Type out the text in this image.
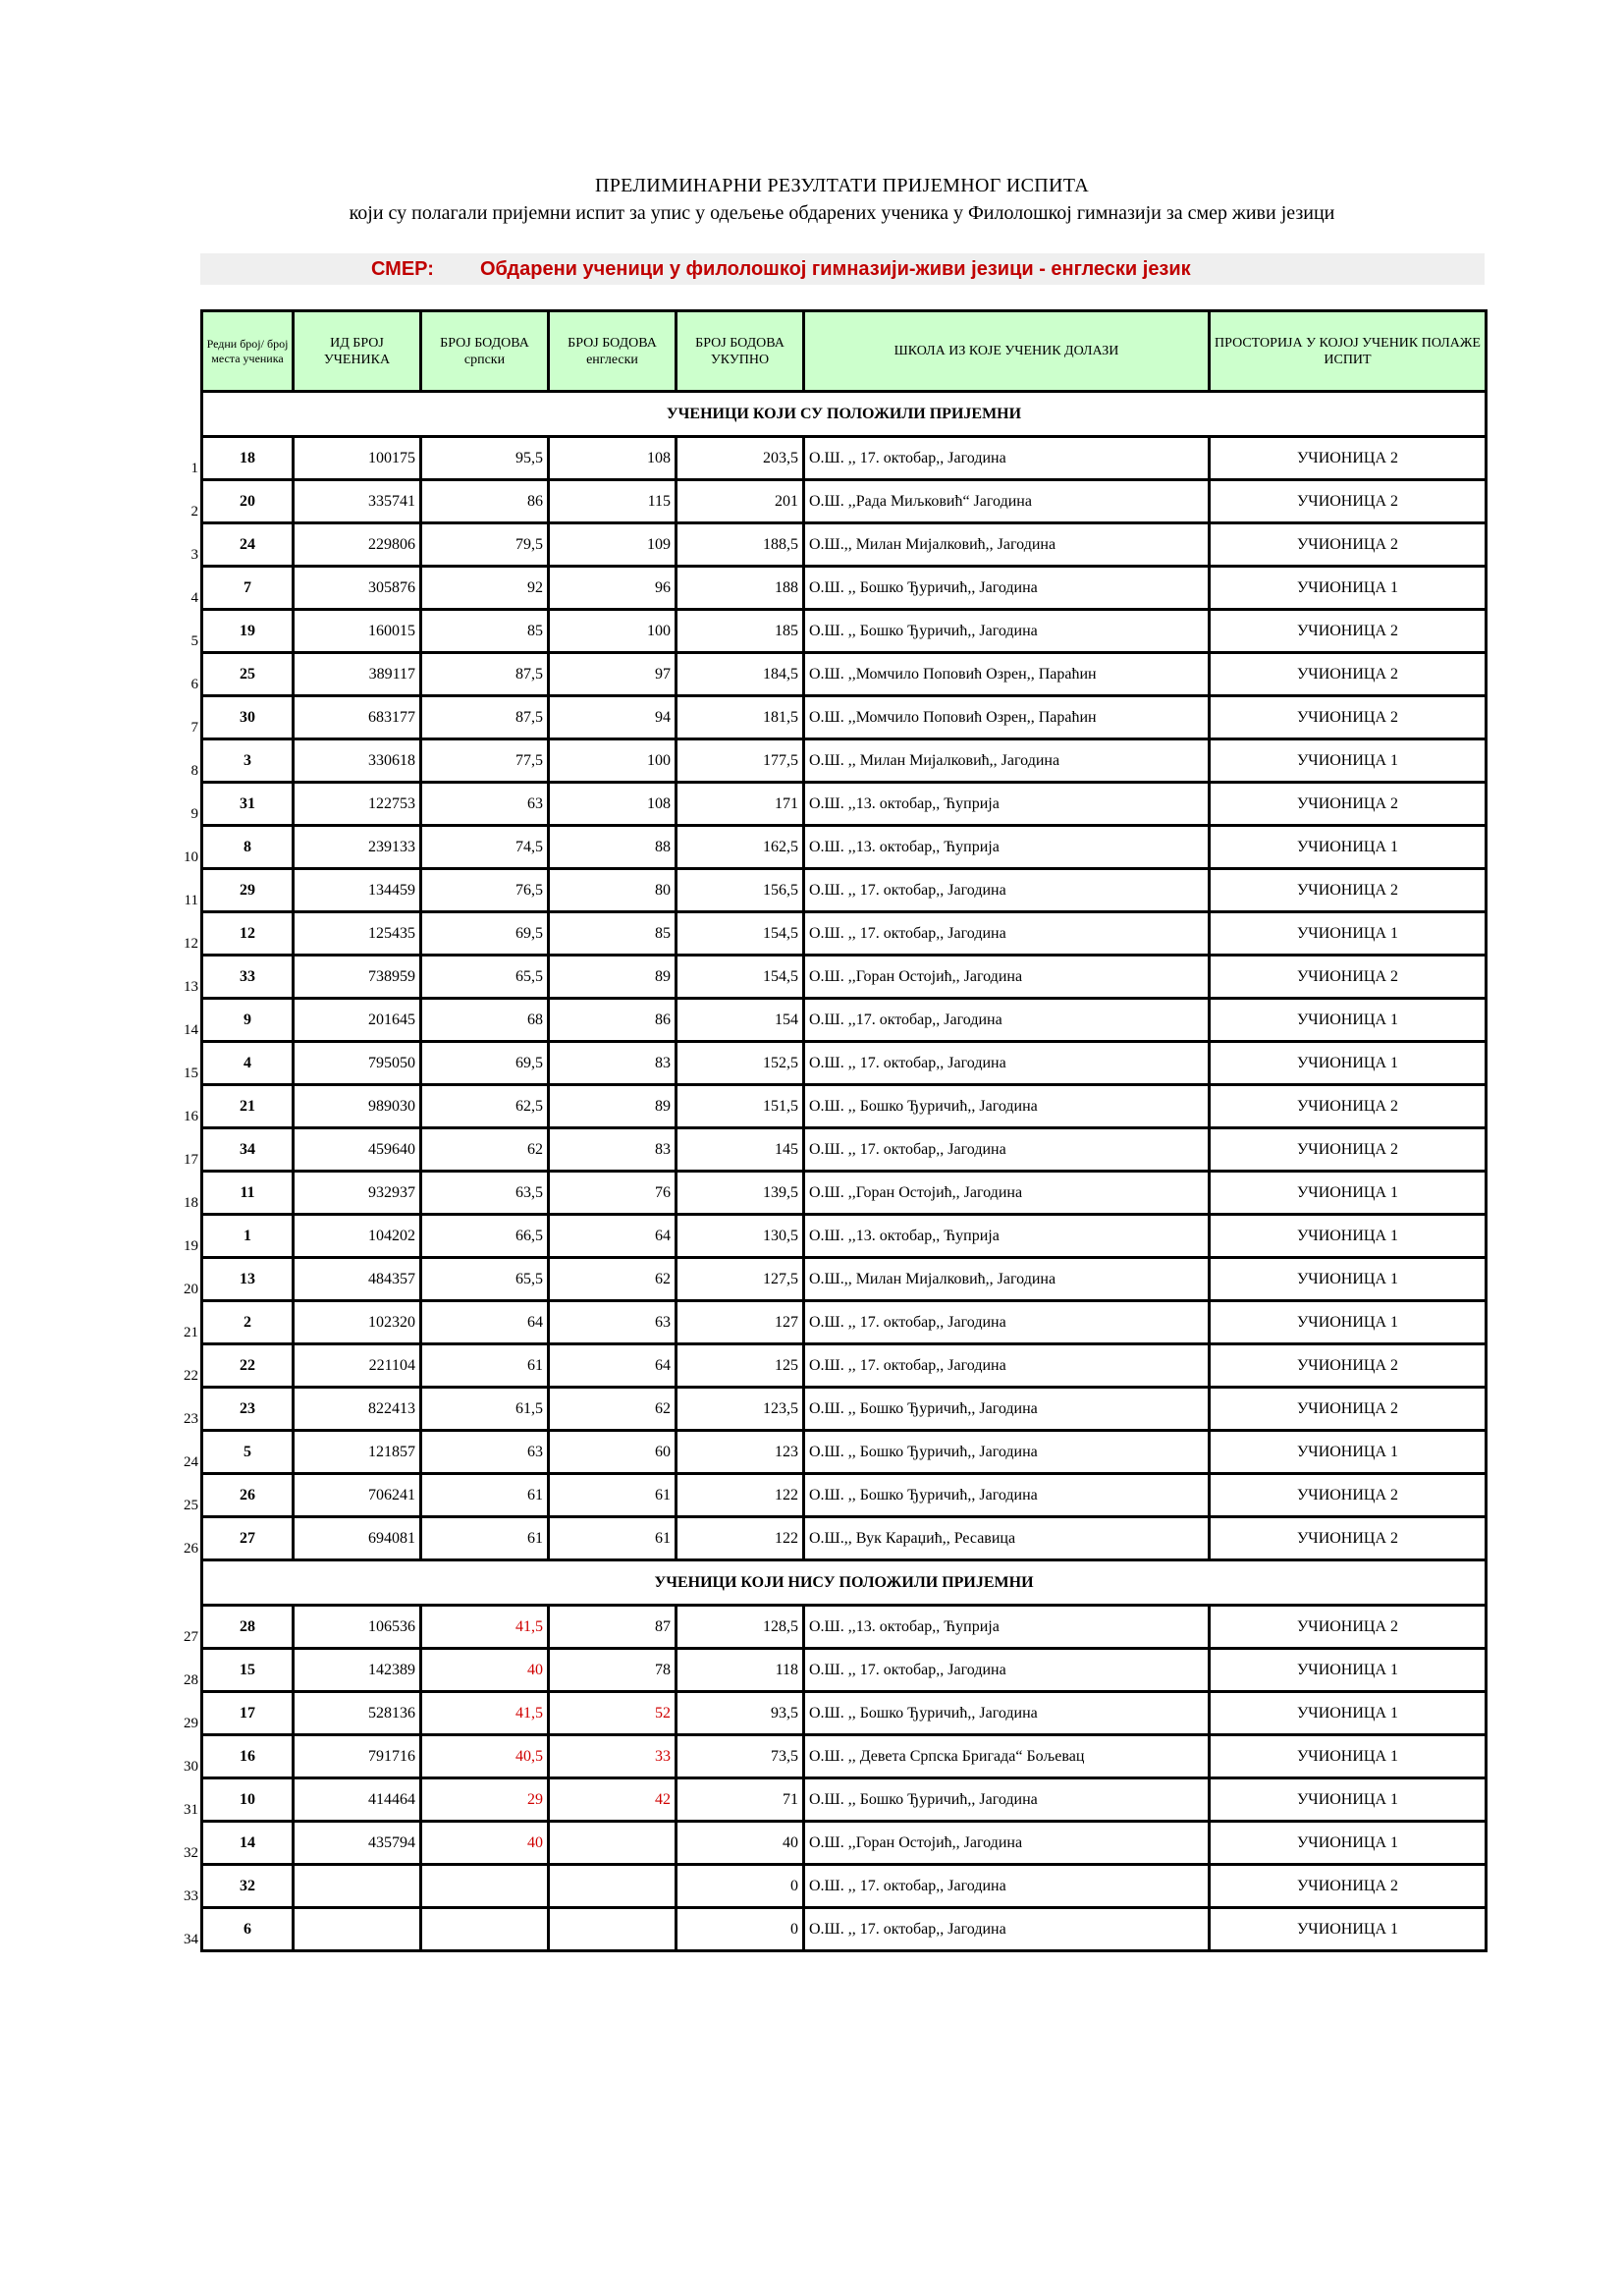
ПРЕЛИМИНАРНИ РЕЗУЛТАТИ ПРИЈЕМНОГ ИСПИТА
који су полагали пријемни испит за упис у одељење обдарених ученика у Филолошкој гимназији за смер живи језици
СМЕР: Обдарени ученици у филолошкој гимназији-живи језици - енглески језик
Редни број/ број места ученика	ИД БРОЈ УЧЕНИКА	БРОЈ БОДОВА српски	БРОЈ БОДОВА енглески	БРОЈ БОДОВА УКУПНО	ШКОЛА ИЗ КОЈЕ УЧЕНИК ДОЛАЗИ	ПРОСТОРИЈА У КОЈОЈ УЧЕНИК ПОЛАЖЕ ИСПИТ
УЧЕНИЦИ КОЈИ СУ ПОЛОЖИЛИ ПРИЈЕМНИ						
18	100175	95,5	108	203,5	О.Ш. ,, 17. октобар,, Јагодина	УЧИОНИЦА 2
20	335741	86	115	201	О.Ш. ,,Рада Миљковић“ Јагодина	УЧИОНИЦА 2
24	229806	79,5	109	188,5	О.Ш.,, Милан Мијалковић,, Јагодина	УЧИОНИЦА 2
7	305876	92	96	188	О.Ш. ,, Бошко Ђуричић,, Јагодина	УЧИОНИЦА 1
19	160015	85	100	185	О.Ш. ,, Бошко Ђуричић,, Јагодина	УЧИОНИЦА 2
25	389117	87,5	97	184,5	О.Ш. ,,Момчило Поповић Озрен,, Параћин	УЧИОНИЦА 2
30	683177	87,5	94	181,5	О.Ш. ,,Момчило Поповић Озрен,, Параћин	УЧИОНИЦА 2
3	330618	77,5	100	177,5	О.Ш. ,, Милан Мијалковић,, Јагодина	УЧИОНИЦА 1
31	122753	63	108	171	О.Ш. ,,13. октобар,, Ћуприја	УЧИОНИЦА 2
8	239133	74,5	88	162,5	О.Ш. ,,13. октобар,, Ћуприја	УЧИОНИЦА 1
29	134459	76,5	80	156,5	О.Ш. ,, 17. октобар,, Јагодина	УЧИОНИЦА 2
12	125435	69,5	85	154,5	О.Ш. ,, 17. октобар,, Јагодина	УЧИОНИЦА 1
33	738959	65,5	89	154,5	О.Ш. ,,Горан Остојић,, Јагодина	УЧИОНИЦА 2
9	201645	68	86	154	О.Ш. ,,17. октобар,, Јагодина	УЧИОНИЦА 1
4	795050	69,5	83	152,5	О.Ш. ,, 17. октобар,, Јагодина	УЧИОНИЦА 1
21	989030	62,5	89	151,5	О.Ш. ,, Бошко Ђуричић,, Јагодина	УЧИОНИЦА 2
34	459640	62	83	145	О.Ш. ,, 17. октобар,, Јагодина	УЧИОНИЦА 2
11	932937	63,5	76	139,5	О.Ш. ,,Горан Остојић,, Јагодина	УЧИОНИЦА 1
1	104202	66,5	64	130,5	О.Ш. ,,13. октобар,, Ћуприја	УЧИОНИЦА 1
13	484357	65,5	62	127,5	О.Ш.,, Милан Мијалковић,, Јагодина	УЧИОНИЦА 1
2	102320	64	63	127	О.Ш. ,, 17. октобар,, Јагодина	УЧИОНИЦА 1
22	221104	61	64	125	О.Ш. ,, 17. октобар,, Јагодина	УЧИОНИЦА 2
23	822413	61,5	62	123,5	О.Ш. ,, Бошко Ђуричић,, Јагодина	УЧИОНИЦА 2
5	121857	63	60	123	О.Ш. ,, Бошко Ђуричић,, Јагодина	УЧИОНИЦА 1
26	706241	61	61	122	О.Ш. ,, Бошко Ђуричић,, Јагодина	УЧИОНИЦА 2
27	694081	61	61	122	О.Ш.,, Вук Караџић,, Ресавица	УЧИОНИЦА 2
УЧЕНИЦИ КОЈИ НИСУ ПОЛОЖИЛИ ПРИЈЕМНИ						
28	106536	41,5	87	128,5	О.Ш. ,,13. октобар,, Ћуприја	УЧИОНИЦА 2
15	142389	40	78	118	О.Ш. ,, 17. октобар,, Јагодина	УЧИОНИЦА 1
17	528136	41,5	52	93,5	О.Ш. ,, Бошко Ђуричић,, Јагодина	УЧИОНИЦА 1
16	791716	40,5	33	73,5	О.Ш. ,, Девета Српска Бригада“ Бољевац	УЧИОНИЦА 1
10	414464	29	42	71	О.Ш. ,, Бошко Ђуричић,, Јагодина	УЧИОНИЦА 1
14	435794	40		40	О.Ш. ,,Горан Остојић,, Јагодина	УЧИОНИЦА 1
32				0	О.Ш. ,, 17. октобар,, Јагодина	УЧИОНИЦА 2
6				0	О.Ш. ,, 17. октобар,, Јагодина	УЧИОНИЦА 1
1
2
3
4
5
6
7
8
9
10
11
12
13
14
15
16
17
18
19
20
21
22
23
24
25
26
27
28
29
30
31
32
33
34
